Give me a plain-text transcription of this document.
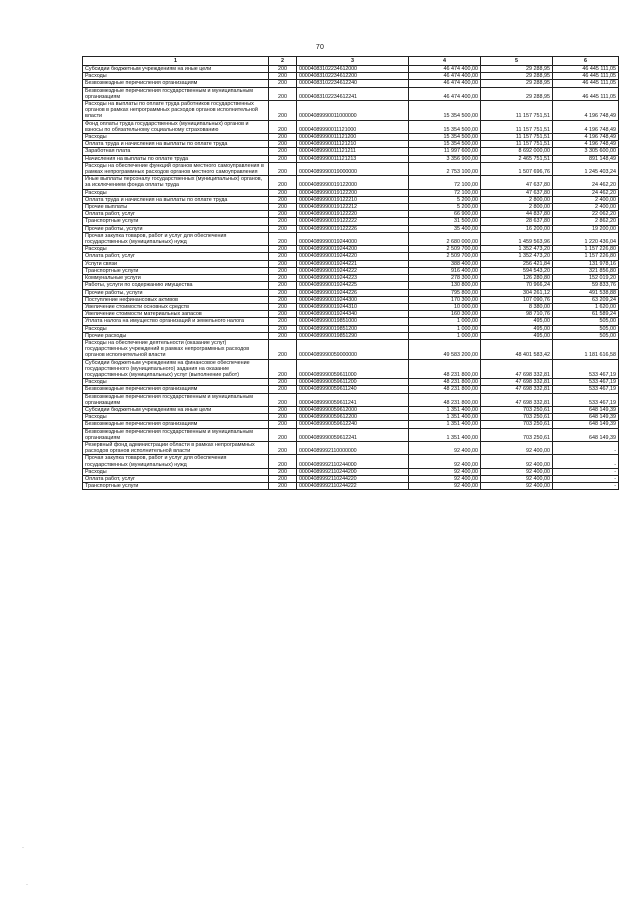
70
1	2	3	4	5	6
Субсидии бюджетным учреждениям на иные цели	200	00004083102234612000	46 474 400,00	29 288,95	46 445 111,05
Расходы	200	00004083102234612200	46 474 400,00	29 288,95	46 445 111,05
Безвозмездные перечисления организациям	200	00004083102234612240	46 474 400,00	29 288,95	46 445 111,05
Безвозмездные перечисления государственным и муниципальным организациям	200	00004083102234612241	46 474 400,00	29 288,95	46 445 111,05
Расходы на выплаты по оплате труда работников государственных органов в рамках непрограммных расходов органов исполнительной власти	200	00004089990011000000	15 354 500,00	11 157 751,51	4 196 748,49
Фонд оплаты труда государственных (муниципальных) органов и взносы по обязательному социальному страхованию	200	00004089990011121000	15 354 500,00	11 157 751,51	4 196 748,49
Расходы	200	00004089990011121200	15 354 500,00	11 157 751,51	4 196 748,49
Оплата труда и начисления на выплаты по оплате труда	200	00004089990011121210	15 354 500,00	11 157 751,51	4 196 748,49
Заработная плата	200	00004089990011121211	11 997 600,00	8 692 000,00	3 305 600,00
Начисления на выплаты по оплате труда	200	00004089990011121213	3 356 900,00	2 465 751,51	891 148,49
Расходы на обеспечение функций органов местного самоуправления в рамках непрограммных расходов органов местного самоуправления	200	00004089990019000000	2 753 100,00	1 507 696,76	1 245 403,24
Иные выплаты персоналу государственных (муниципальных) органов, за исключением фонда оплаты труда	200	00004089990019122000	72 100,00	47 637,80	24 462,20
Расходы	200	00004089990019122200	72 100,00	47 637,80	24 462,20
Оплата труда и начисления на выплаты по оплате труда	200	00004089990019122210	5 200,00	2 800,00	2 400,00
Прочие выплаты	200	00004089990019122212	5 200,00	2 800,00	2 400,00
Оплата работ, услуг	200	00004089990019122220	66 900,00	44 837,80	22 062,20
Транспортные услуги	200	00004089990019122222	31 500,00	28 637,80	2 862,20
Прочие работы, услуги	200	00004089990019122226	35 400,00	16 200,00	19 200,00
Прочая закупка товаров, работ и услуг для обеспечения государственных (муниципальных) нужд	200	00004089990019244000	2 680 000,00	1 459 563,96	1 220 436,04
Расходы	200	00004089990019244200	2 509 700,00	1 352 473,20	1 157 226,80
Оплата работ, услуг	200	00004089990019244220	2 509 700,00	1 352 473,20	1 157 226,80
Услуги связи	200	00004089990019244221	388 400,00	256 421,84	131 978,16
Транспортные услуги	200	00004089990019244222	916 400,00	594 543,20	321 856,80
Коммунальные услуги	200	00004089990019244223	278 300,00	126 280,80	152 019,20
Работы, услуги по содержанию имущества	200	00004089990019244225	130 800,00	70 966,24	59 833,76
Прочие работы, услуги	200	00004089990019244226	795 800,00	304 261,12	491 538,88
Поступление нефинансовых активов	200	00004089990019244300	170 300,00	107 090,76	63 209,24
Увеличение стоимости основных средств	200	00004089990019244310	10 000,00	8 380,00	1 620,00
Увеличение стоимости материальных запасов	200	00004089990019244340	160 300,00	98 710,76	61 589,24
Уплата налога на имущество организаций и земельного налога	200	00004089990019851000	1 000,00	495,00	505,00
Расходы	200	00004089990019851200	1 000,00	495,00	505,00
Прочие расходы	200	00004089990019851290	1 000,00	495,00	505,00
Расходы на обеспечение деятельности (оказание услуг) государственных учреждений в рамках непрограммных расходов органов исполнительной власти	200	00004089990059000000	49 583 200,00	48 401 583,42	1 181 616,58
Субсидии бюджетным учреждениям на финансовое обеспечение государственного (муниципального) задания на оказание государственных (муниципальных) услуг (выполнение работ)	200	00004089990059611000	48 231 800,00	47 698 332,81	533 467,19
Расходы	200	00004089990059611200	48 231 800,00	47 698 332,81	533 467,19
Безвозмездные перечисления организациям	200	00004089990059611240	48 231 800,00	47 698 332,81	533 467,19
Безвозмездные перечисления государственным и муниципальным организациям	200	00004089990059611241	48 231 800,00	47 698 332,81	533 467,19
Субсидии бюджетным учреждениям на иные цели	200	00004089990059612000	1 351 400,00	703 250,61	648 149,39
Расходы	200	00004089990059612200	1 351 400,00	703 250,61	648 149,39
Безвозмездные перечисления организациям	200	00004089990059612240	1 351 400,00	703 250,61	648 149,39
Безвозмездные перечисления государственным и муниципальным организациям	200	00004089990059612241	1 351 400,00	703 250,61	648 149,39
Резервный фонд администрации области в рамках непрограммных расходов органов исполнительной власти	200	00004089992110000000	92 400,00	92 400,00	-
Прочая закупка товаров, работ и услуг для обеспечения государственных (муниципальных) нужд	200	00004089992110244000	92 400,00	92 400,00	-
Расходы	200	00004089992110244200	92 400,00	92 400,00	-
Оплата работ, услуг	200	00004089992110244220	92 400,00	92 400,00	-
Транспортные услуги	200	00004089992110244222	92 400,00	92 400,00	-
·
·
